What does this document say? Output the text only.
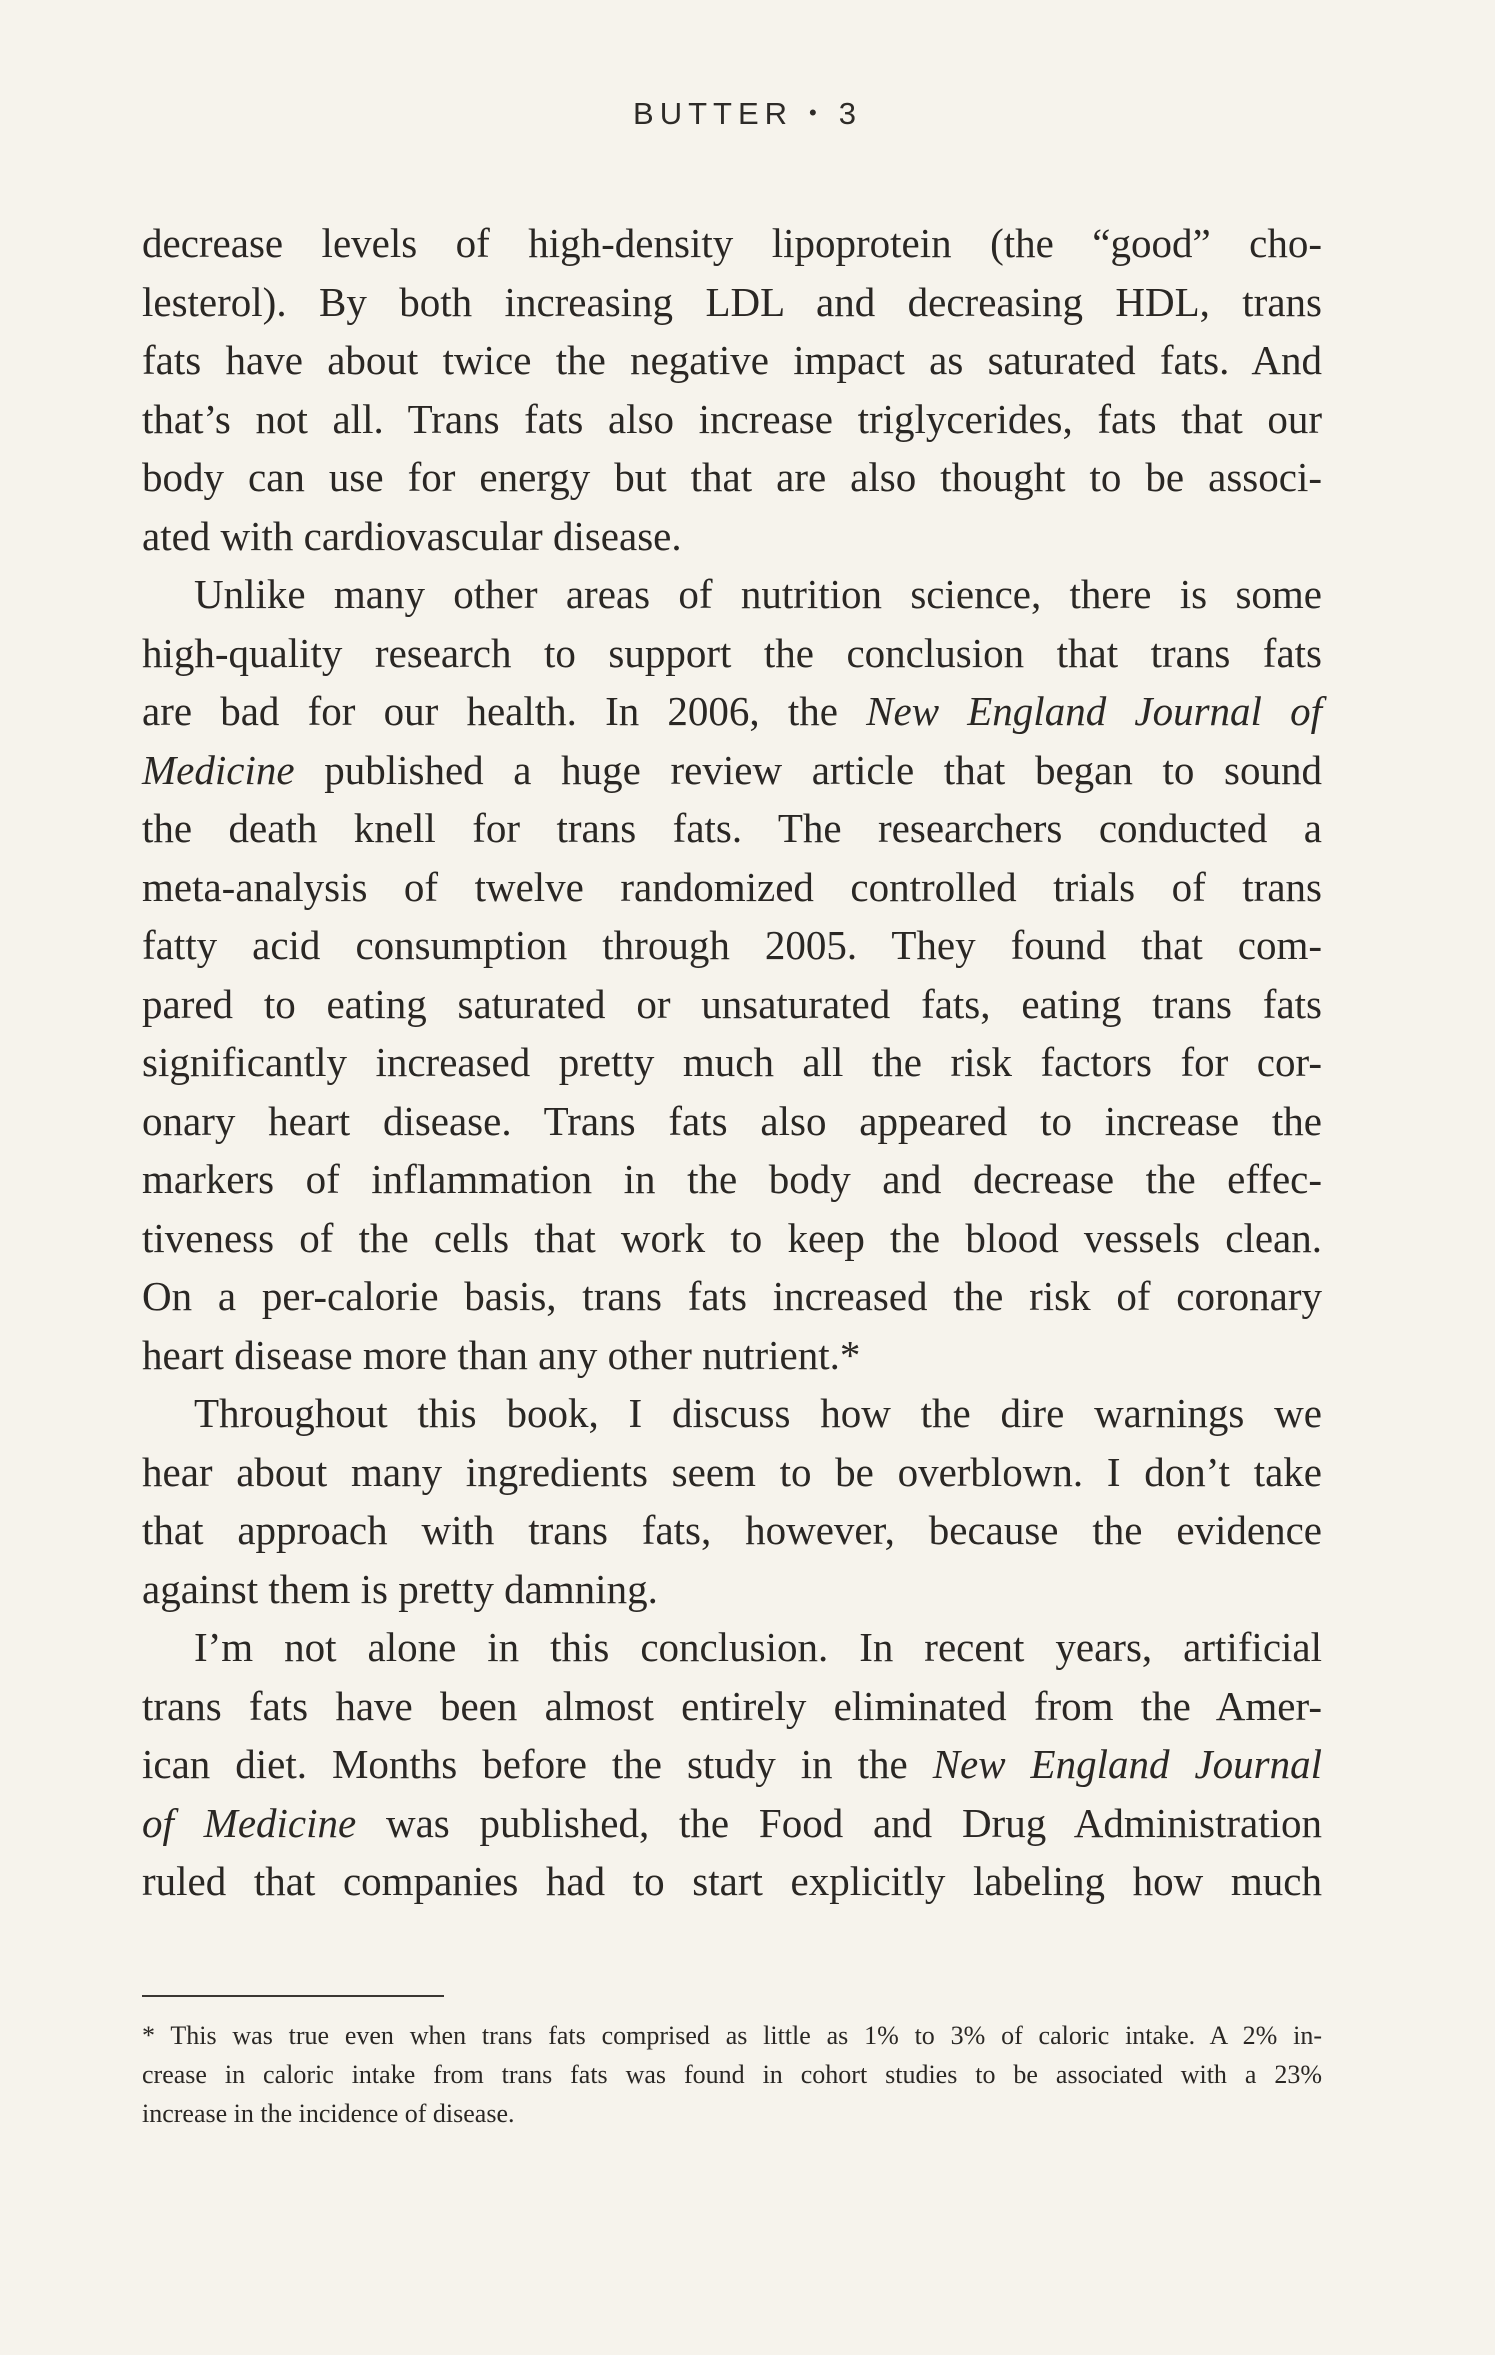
BUTTER • 3
decrease levels of high-density lipoprotein (the “good” cho-
lesterol). By both increasing LDL and decreasing HDL, trans
fats have about twice the negative impact as saturated fats. And
that’s not all. Trans fats also increase triglycerides, fats that our
body can use for energy but that are also thought to be associ-
ated with cardiovascular disease.
Unlike many other areas of nutrition science, there is some
high-quality research to support the conclusion that trans fats
are bad for our health. In 2006, the New England Journal of
Medicine published a huge review article that began to sound
the death knell for trans fats. The researchers conducted a
meta-analysis of twelve randomized controlled trials of trans
fatty acid consumption through 2005. They found that com-
pared to eating saturated or unsaturated fats, eating trans fats
significantly increased pretty much all the risk factors for cor-
onary heart disease. Trans fats also appeared to increase the
markers of inflammation in the body and decrease the effec-
tiveness of the cells that work to keep the blood vessels clean.
On a per-calorie basis, trans fats increased the risk of coronary
heart disease more than any other nutrient.*
Throughout this book, I discuss how the dire warnings we
hear about many ingredients seem to be overblown. I don’t take
that approach with trans fats, however, because the evidence
against them is pretty damning.
I’m not alone in this conclusion. In recent years, artificial
trans fats have been almost entirely eliminated from the Amer-
ican diet. Months before the study in the New England Journal
of Medicine was published, the Food and Drug Administration
ruled that companies had to start explicitly labeling how much
* This was true even when trans fats comprised as little as 1% to 3% of caloric intake. A 2% in-
crease in caloric intake from trans fats was found in cohort studies to be associated with a 23%
increase in the incidence of disease.
